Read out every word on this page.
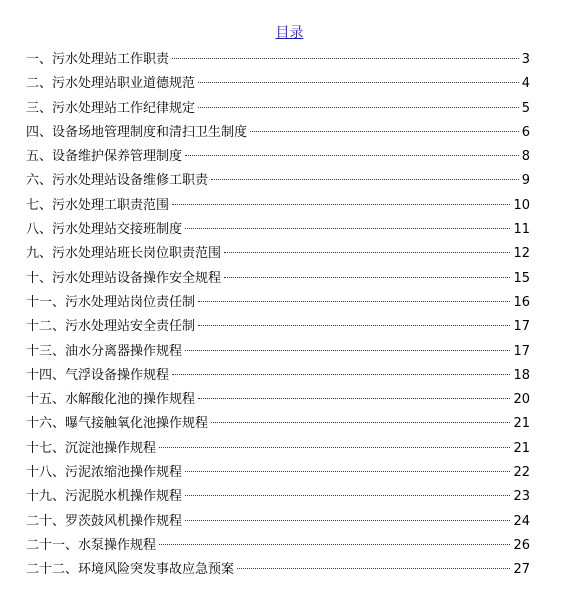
目录
一、污水处理站工作职责	3
二、污水处理站职业道德规范	4
三、污水处理站工作纪律规定	5
四、设备场地管理制度和清扫卫生制度	6
五、设备维护保养管理制度	8
六、污水处理站设备维修工职责	9
七、污水处理工职责范围	10
八、污水处理站交接班制度	11
九、污水处理站班长岗位职责范围	12
十、污水处理站设备操作安全规程	15
十一、污水处理站岗位责任制	16
十二、污水处理站安全责任制	17
十三、油水分离器操作规程	17
十四、气浮设备操作规程	18
十五、水解酸化池的操作规程	20
十六、曝气接触氧化池操作规程	21
十七、沉淀池操作规程	21
十八、污泥浓缩池操作规程	22
十九、污泥脱水机操作规程	23
二十、罗茨鼓风机操作规程	24
二十一、水泵操作规程	26
二十二、环境风险突发事故应急预案	27
